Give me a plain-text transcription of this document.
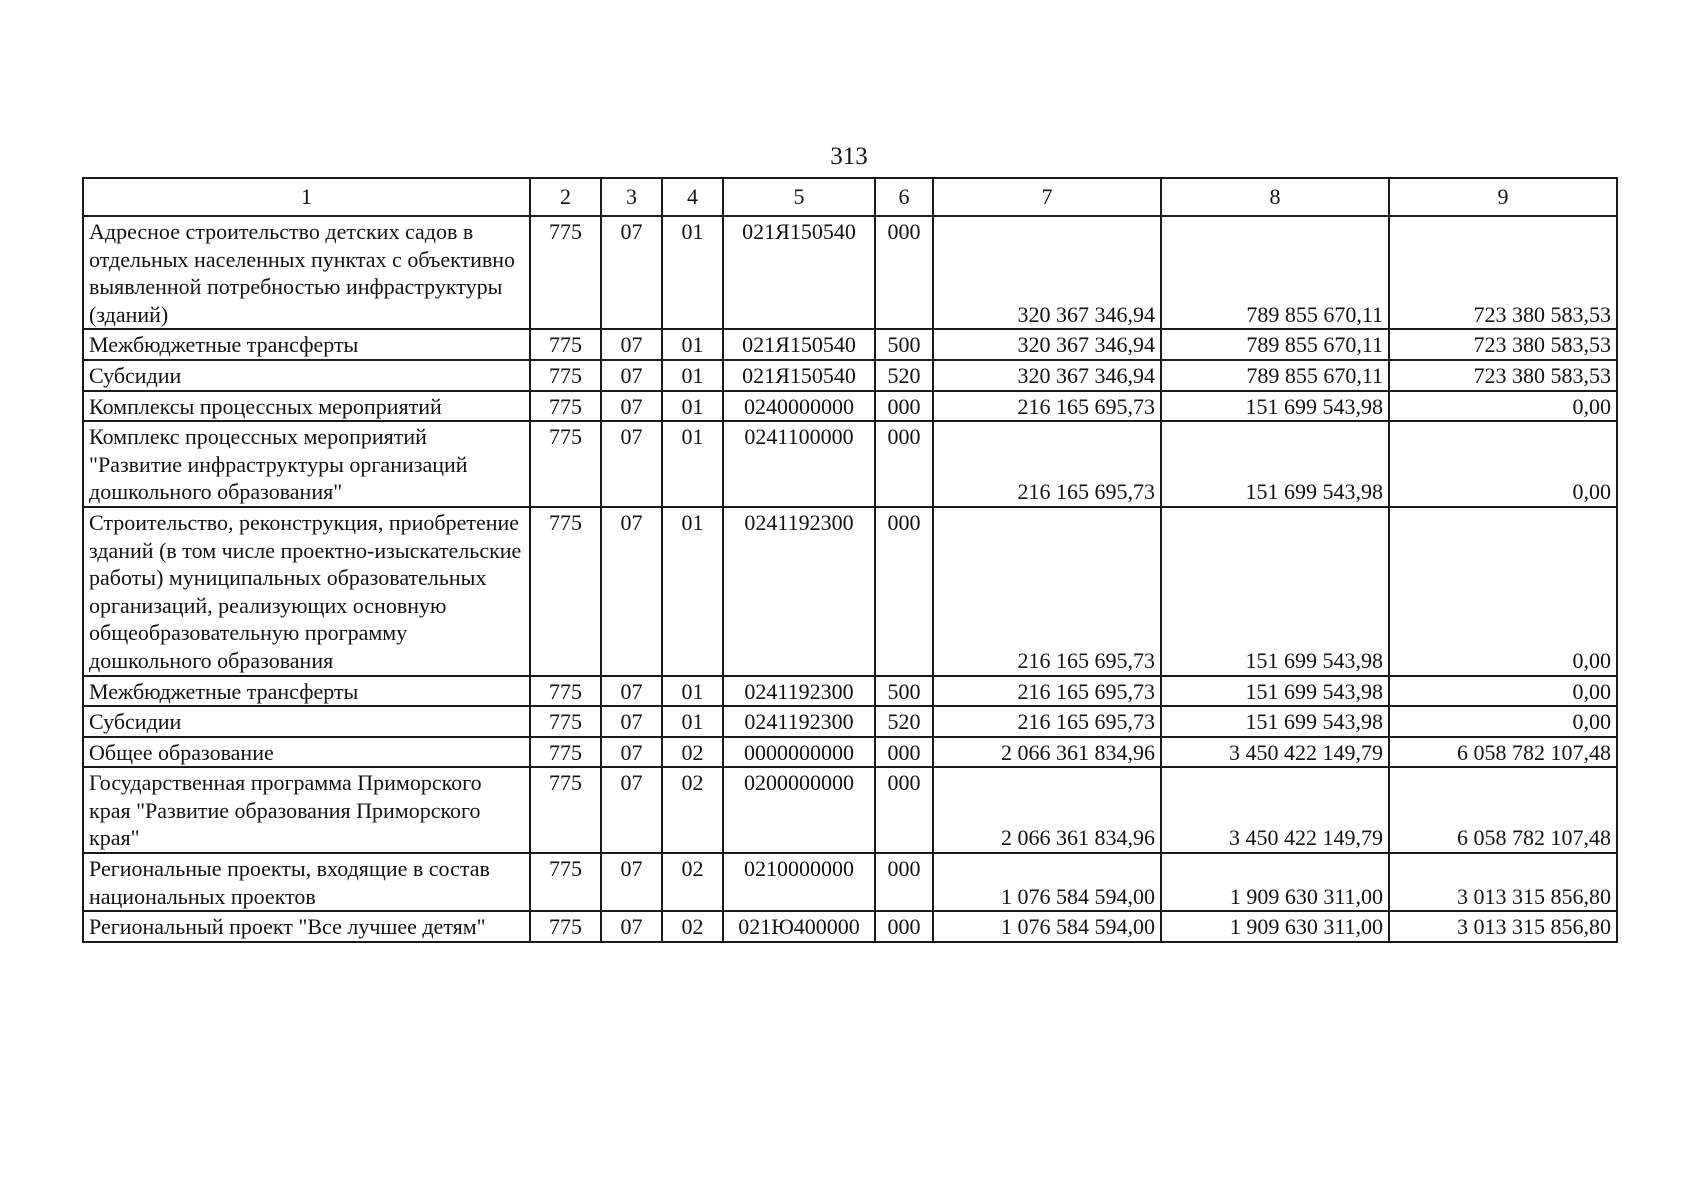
313
1	2	3	4	5	6	7	8	9
Адресное строительство детских садов в отдельных населенных пунктах с объективно выявленной потребностью инфраструктуры (зданий)	775	07	01	021Я150540	000	320 367 346,94	789 855 670,11	723 380 583,53
Межбюджетные трансферты	775	07	01	021Я150540	500	320 367 346,94	789 855 670,11	723 380 583,53
Субсидии	775	07	01	021Я150540	520	320 367 346,94	789 855 670,11	723 380 583,53
Комплексы процессных мероприятий	775	07	01	0240000000	000	216 165 695,73	151 699 543,98	0,00
Комплекс процессных мероприятий "Развитие инфраструктуры организаций дошкольного образования"	775	07	01	0241100000	000	216 165 695,73	151 699 543,98	0,00
Строительство, реконструкция, приобретение зданий (в том числе проектно-изыскательские работы) муниципальных образовательных организаций, реализующих основную общеобразовательную программу дошкольного образования	775	07	01	0241192300	000	216 165 695,73	151 699 543,98	0,00
Межбюджетные трансферты	775	07	01	0241192300	500	216 165 695,73	151 699 543,98	0,00
Субсидии	775	07	01	0241192300	520	216 165 695,73	151 699 543,98	0,00
Общее образование	775	07	02	0000000000	000	2 066 361 834,96	3 450 422 149,79	6 058 782 107,48
Государственная программа Приморского края "Развитие образования Приморского края"	775	07	02	0200000000	000	2 066 361 834,96	3 450 422 149,79	6 058 782 107,48
Региональные проекты, входящие в состав национальных проектов	775	07	02	0210000000	000	1 076 584 594,00	1 909 630 311,00	3 013 315 856,80
Региональный проект "Все лучшее детям"	775	07	02	021Ю400000	000	1 076 584 594,00	1 909 630 311,00	3 013 315 856,80
